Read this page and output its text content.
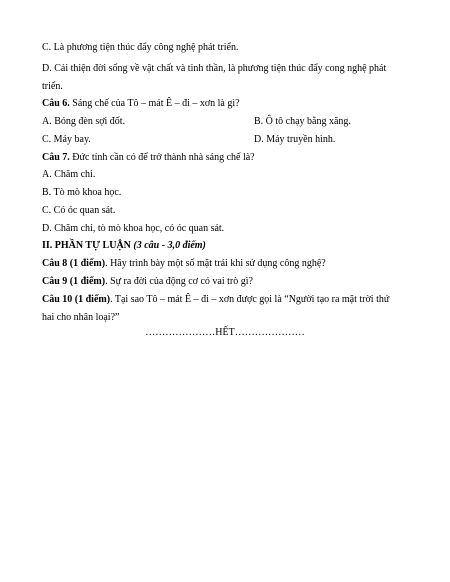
C. Là phương tiện thúc đẩy công nghệ phát triển.
D. Cải thiện đời sống về vật chất và tinh thần, là phương tiện thúc đẩy cong nghệ phát
triển.
Câu 6. Sáng chế của Tô – mát Ê – đi – xơn là gì?
A. Bóng đèn sợi đốt.	B. Ô tô chạy bằng xăng.
C. Máy bay.	D. Máy truyền hình.
Câu 7. Đức tính cần có để trở thành nhà sáng chế là?
A. Chăm chỉ.
B. Tò mò khoa học.
C. Có óc quan sát.
D. Chăm chỉ, tò mò khoa học, có óc quan sát.
II. PHẦN TỰ LUẬN (3 câu - 3,0 điểm)
Câu 8 (1 điểm). Hãy trình bày một số mặt trái khi sử dụng công nghệ?
Câu 9 (1 điểm). Sự ra đời của động cơ có vai trò gì?
Câu 10 (1 điểm). Tại sao Tô – mát Ê – đi – xơn được gọi là “Người tạo ra mặt trời thứ
hai cho nhân loại?”
…………………HẾT…………………
